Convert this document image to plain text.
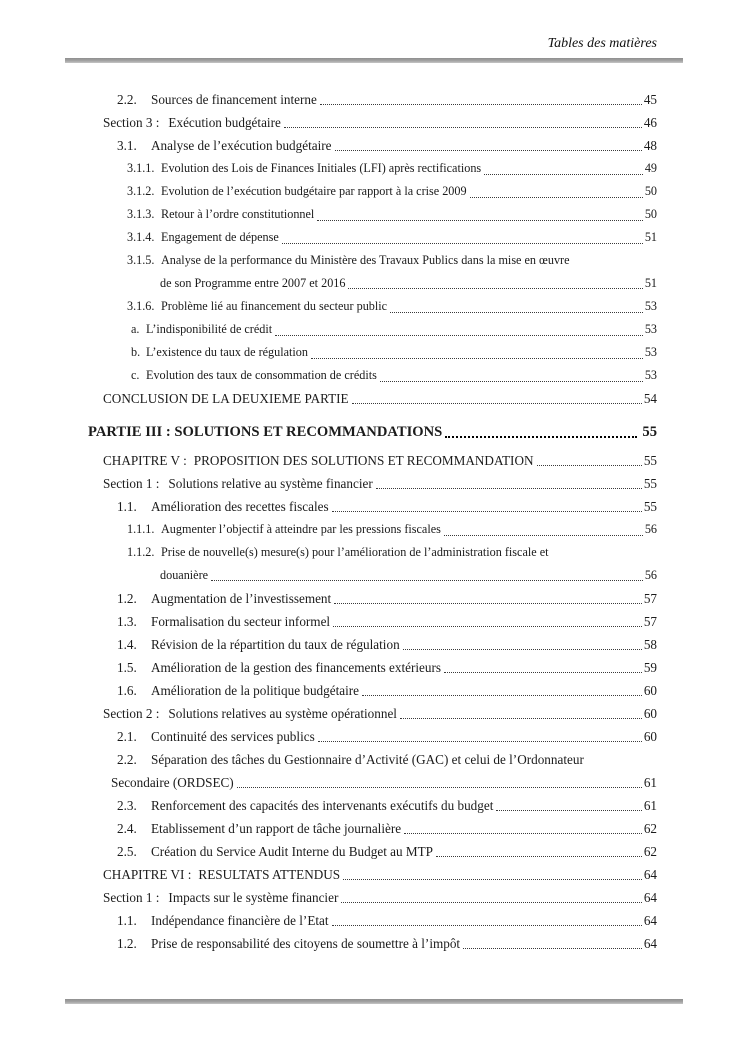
Tables des matières
2.2.	Sources de financement interne	45
Section 3 : Exécution budgétaire	46
3.1.	Analyse de l’exécution budgétaire	48
3.1.1. Evolution des Lois de Finances Initiales (LFI) après rectifications	49
3.1.2. Evolution de l’exécution budgétaire par rapport à la crise 2009	50
3.1.3. Retour à l’ordre constitutionnel	50
3.1.4. Engagement de dépense	51
3.1.5. Analyse de la performance du Ministère des Travaux Publics dans la mise en œuvre
de son Programme entre 2007 et 2016	51
3.1.6. Problème lié au financement du secteur public	53
a. L’indisponibilité de crédit	53
b. L’existence du taux de régulation	53
c. Evolution des taux de consommation de crédits	53
CONCLUSION DE LA DEUXIEME PARTIE	54
PARTIE III : SOLUTIONS ET RECOMMANDATIONS	55
CHAPITRE V : PROPOSITION DES SOLUTIONS ET RECOMMANDATION	55
Section 1 : Solutions relative au système financier	55
1.1.	Amélioration des recettes fiscales	55
1.1.1. Augmenter l’objectif à atteindre par les pressions fiscales	56
1.1.2. Prise de nouvelle(s) mesure(s) pour l’amélioration de l’administration fiscale et
douanière	56
1.2.	Augmentation de l’investissement	57
1.3.	Formalisation du secteur informel	57
1.4.	Révision de la répartition du taux de régulation	58
1.5.	Amélioration de la gestion des financements extérieurs	59
1.6.	Amélioration de la politique budgétaire	60
Section 2 : Solutions relatives au système opérationnel	60
2.1.	Continuité des services publics	60
2.2.	Séparation des tâches du Gestionnaire d’Activité (GAC) et celui de l’Ordonnateur
Secondaire (ORDSEC)	61
2.3.	Renforcement des capacités des intervenants exécutifs du budget	61
2.4.	Etablissement d’un rapport de tâche journalière	62
2.5.	Création du Service Audit Interne du Budget au MTP	62
CHAPITRE VI : RESULTATS ATTENDUS	64
Section 1 : Impacts sur le système financier	64
1.1.	Indépendance financière de l’Etat	64
1.2.	Prise de responsabilité des citoyens de soumettre à l’impôt	64
